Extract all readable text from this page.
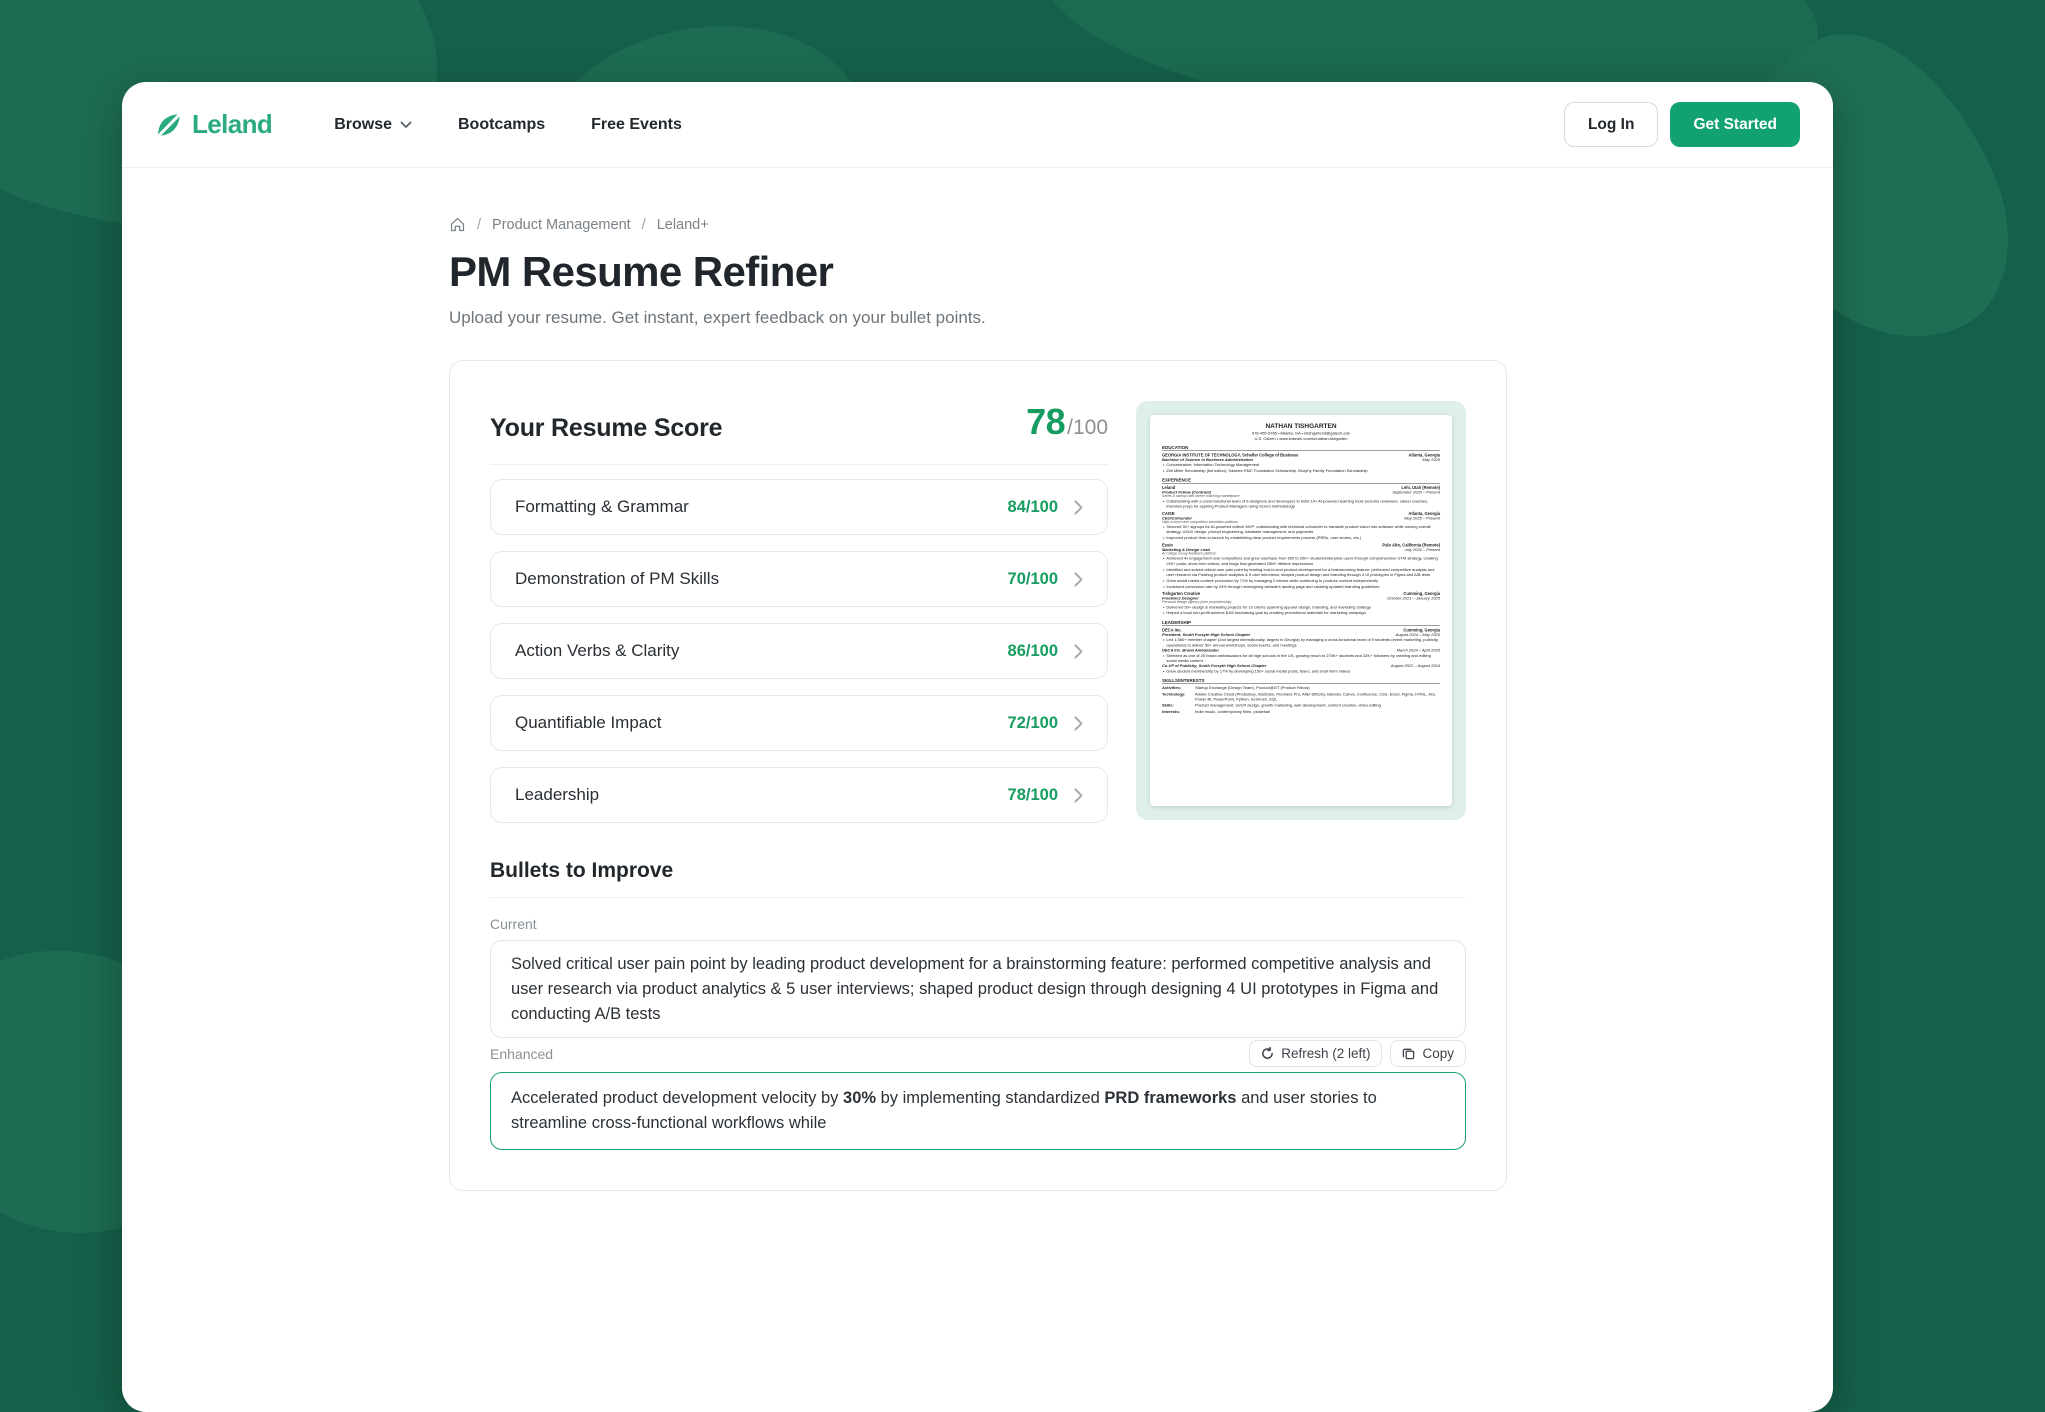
Leland	Browse	Bootcamps	Free Events	Log In	Get Started
/ Product Management / Leland+
PM Resume Refiner
Upload your resume. Get instant, expert feedback on your bullet points.
Your Resume Score	78 /100
Formatting & Grammar	84/100
Demonstration of PM Skills	70/100
Action Verbs & Clarity	86/100
Quantifiable Impact	72/100
Leadership	78/100
NATHAN TISHGARTEN
678-455-5785 • Atlanta, GA • ntishgarten3@gatech.edu
U.S. Citizen • www.linkedin.com/in/nathan-tishgarten
EDUCATION
GEORGIA INSTITUTE OF TECHNOLOGY, Scheller College of Business	Atlanta, Georgia
Bachelor of Science in Business Administration	May 2029
• Concentration: Information Technology Management
• Zell Miller Scholarship (full tuition), Sawnee EMC Foundation Scholarship, Murphy Family Foundation Scholarship
EXPERIENCE
Leland	Lehi, Utah (Remote)
Product Fellow (Contract)	September 2025 – Present
Series A startup with career coaching marketplace
• Collaborating with a cross-functional team of 6 designers and developers to build 10+ AI-powered learning tools (resume reviewers, career coaches, interview prep) for aspiring Product Managers using Scrum methodology
CAISE	Atlanta, Georgia
CEO/Cofounder	May 2025 – Present
High-school case competition simulation platform
• Secured 30+ signups for AI-powered edtech MVP; collaborating with technical cofounder to translate product vision into software while owning overall strategy, UI/UX design, prompt engineering, database management, and payments
• Improved product time-to-launch by establishing clear product requirements process (PRDs, user stories, etc.)
Essio	Palo Alto, California (Remote)
Marketing & Design Lead	July 2024 – Present
AI college essay feedback platform
• Achieved 4x engagement over competitors and grew userbase from 500 to 20K+ student/enterprise users through comprehensive GTM strategy, creating 200+ posts, short-form videos, and blogs that generated 25M+ lifetime impressions
• Identified and solved critical user pain point by leading end-to-end product development for a brainstorming feature: performed competitive analysis and user research via Posthog product analytics & 5 user interviews; shaped product design and branding through 4 UI prototypes in Figma and A/B tests
• Grew social media content production by 71% by managing 2 interns while continuing to produce content independently
• Increased conversion rate by 24% through redesigning website's landing page and creating updated branding guidelines
Tishgarten Creative	Cumming, Georgia
Freelance Designer	October 2021 – January 2025
Personal design agency (sole proprietorship)
• Delivered 50+ design & marketing projects for 10 clients spanning apparel design, branding, and marketing strategy
• Helped a local non-profit achieve $1M fundraising goal by creating promotional materials for marketing campaign
LEADERSHIP
DECA Inc.	Cumming, Georgia
President, South Forsyth High School Chapter	August 2024 – May 2025
• Led 1,580+ member chapter (2nd largest internationally, largest in Georgia) by managing a cross-functional team of 9 students (event marketing, publicity, operations) to deliver 50+ annual workshops, social events, and meetings
DECA Inc. Brand Ambassador	March 2024 – April 2025
• Selected as one of 20 brand ambassadors for all high schools in the US, growing reach to 270K+ students and 32K+ followers by creating and editing social media content
Co-VP of Publicity, South Forsyth High School Chapter	August 2022 – August 2024
• Grew student membership by 17% by developing 150+ social media posts, flyers, and short-form videos
SKILLS/INTERESTS
Activities:	Startup Exchange (Design Team), Product@GT (Product Fellow)
Technology:	Adobe Creative Cloud (Photoshop, Illustrator, Premiere Pro, After Effects), Blender, Canva, Confluence, CSS, Excel, Figma, HTML, Jira, Power BI, PowerPoint, Python, Semrush, SQL
Skills:	Product management, UI/UX design, growth marketing, web development, content creation, video editing
Interests:	Indie music, contemporary films, pickleball
Bullets to Improve
Current
Solved critical user pain point by leading product development for a brainstorming feature: performed competitive analysis and user research via product analytics & 5 user interviews; shaped product design through designing 4 UI prototypes in Figma and conducting A/B tests
Enhanced	Refresh (2 left)	Copy
Accelerated product development velocity by 30% by implementing standardized PRD frameworks and user stories to streamline cross-functional workflows while
